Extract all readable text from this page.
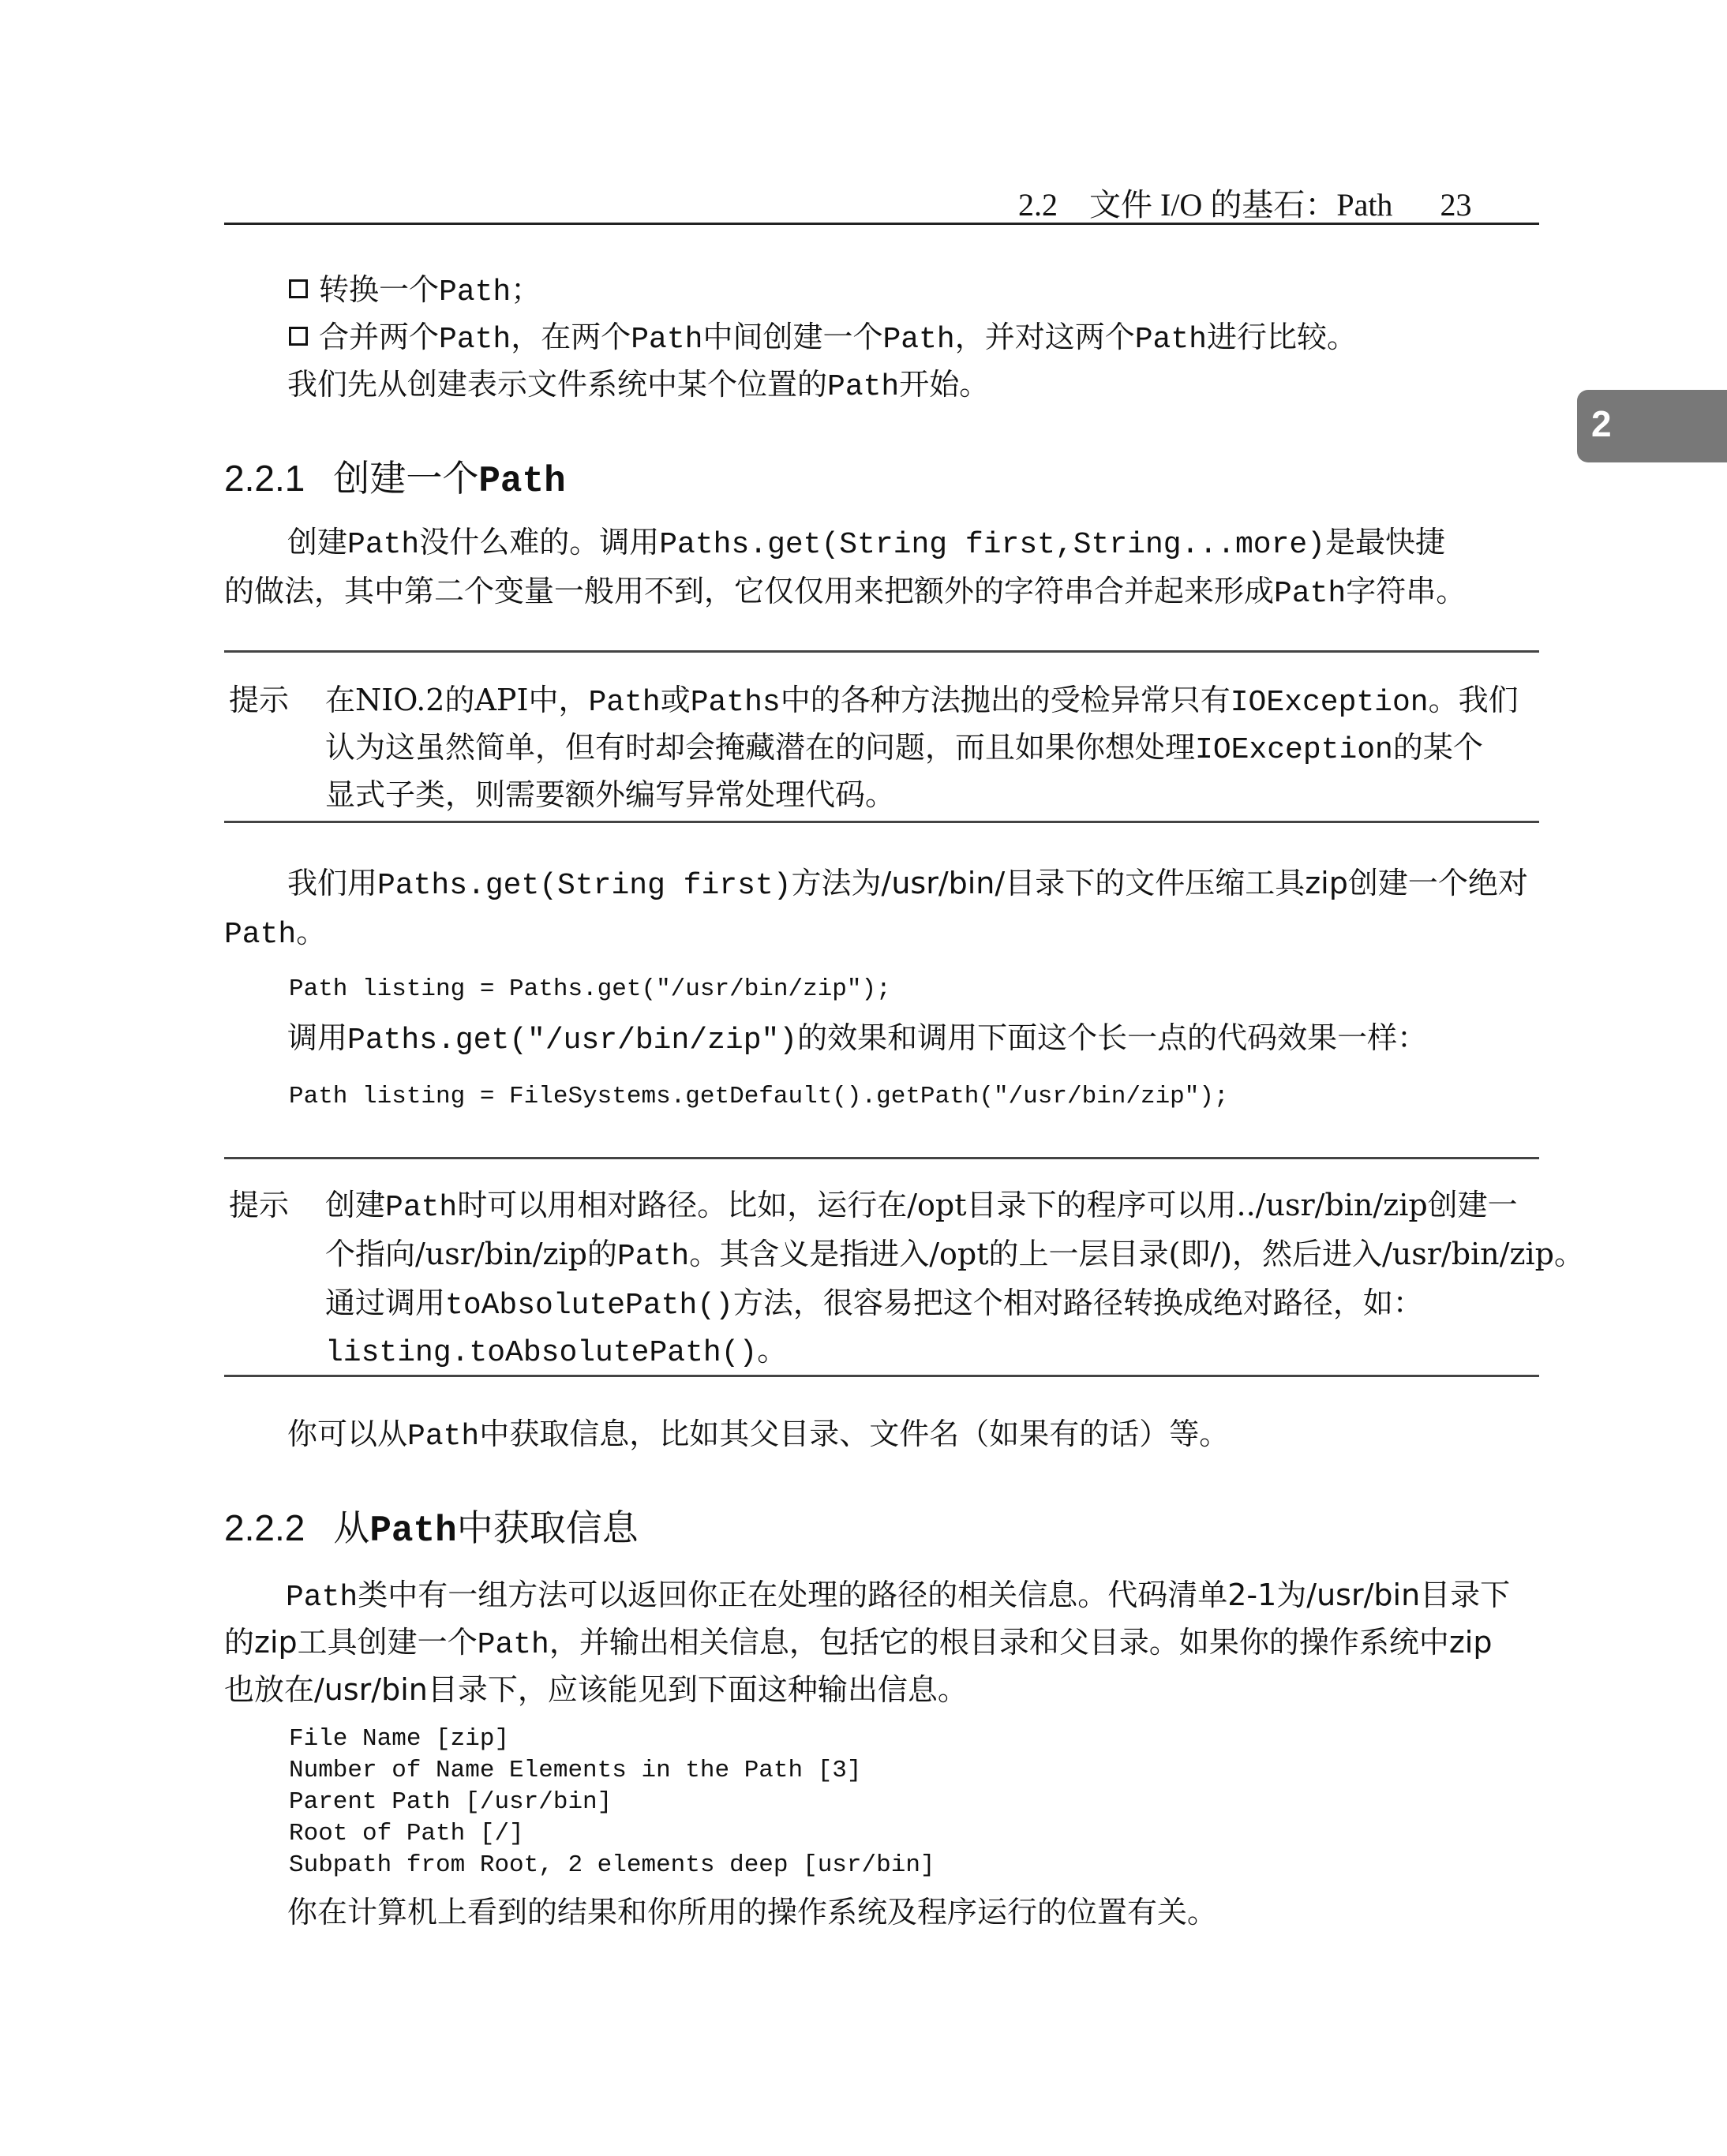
2.2 文件 I/O 的基石：Path 23
2
转换一个Path；
合并两个Path，在两个Path中间创建一个Path，并对这两个Path进行比较。
我们先从创建表示文件系统中某个位置的Path开始。
2.2.1 创建一个Path
创建Path没什么难的。调用Paths.get(String first,String...more)是最快捷
的做法，其中第二个变量一般用不到，它仅仅用来把额外的字符串合并起来形成Path字符串。
提示 在NIO.2的API中，Path或Paths中的各种方法抛出的受检异常只有IOException。我们
认为这虽然简单，但有时却会掩藏潜在的问题，而且如果你想处理IOException的某个
显式子类，则需要额外编写异常处理代码。
我们用Paths.get(String first)方法为/usr/bin/目录下的文件压缩工具zip创建一个绝对
Path。
Path listing = Paths.get("/usr/bin/zip");
调用Paths.get("/usr/bin/zip")的效果和调用下面这个长一点的代码效果一样：
Path listing = FileSystems.getDefault().getPath("/usr/bin/zip");
提示 创建Path时可以用相对路径。比如，运行在/opt目录下的程序可以用../usr/bin/zip创建一
个指向/usr/bin/zip的Path。其含义是指进入/opt的上一层目录(即/)，然后进入/usr/bin/zip。
通过调用toAbsolutePath()方法，很容易把这个相对路径转换成绝对路径，如：
listing.toAbsolutePath()。
你可以从Path中获取信息，比如其父目录、文件名（如果有的话）等。
2.2.2 从Path中获取信息
Path类中有一组方法可以返回你正在处理的路径的相关信息。代码清单2-1为/usr/bin目录下
的zip工具创建一个Path，并输出相关信息，包括它的根目录和父目录。如果你的操作系统中zip
也放在/usr/bin目录下，应该能见到下面这种输出信息。
File Name [zip]
Number of Name Elements in the Path [3]
Parent Path [/usr/bin]
Root of Path [/]
Subpath from Root, 2 elements deep [usr/bin]
你在计算机上看到的结果和你所用的操作系统及程序运行的位置有关。
